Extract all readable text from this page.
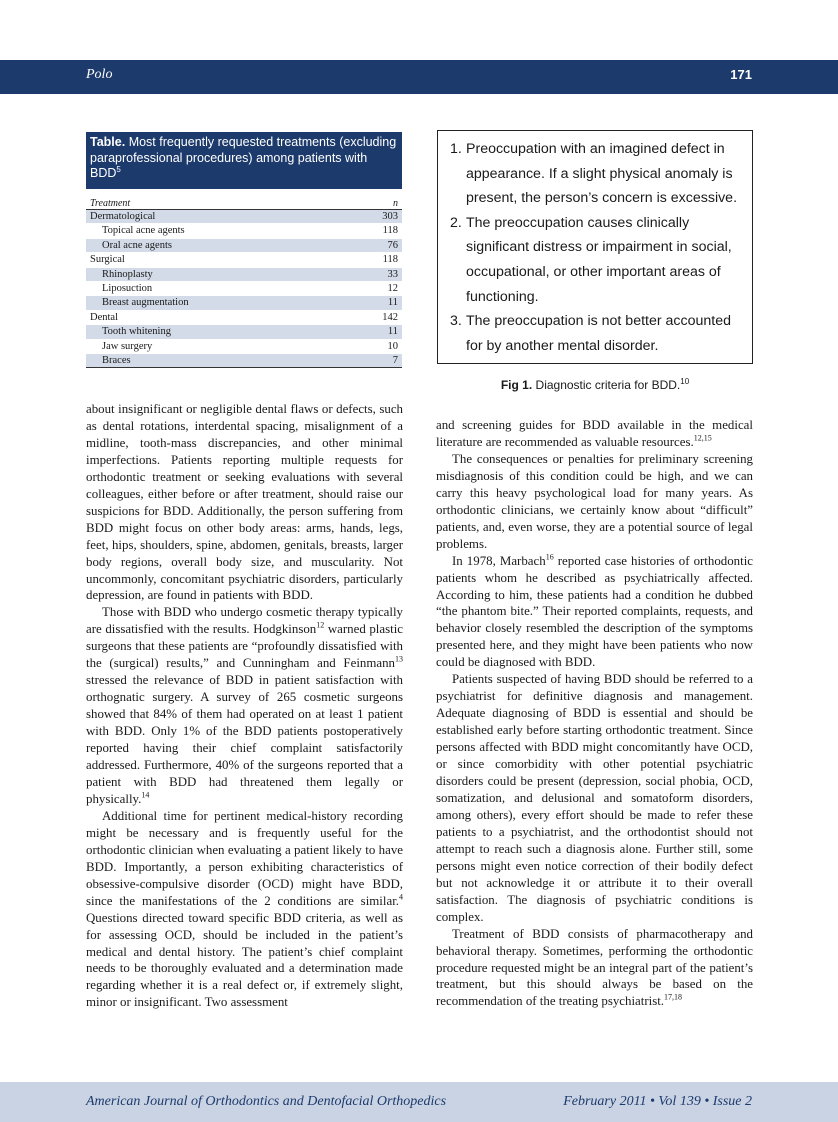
Polo	171
Table. Most frequently requested treatments (excluding paraprofessional procedures) among patients with BDD$^5$
Treatment	n
Dermatological	303
Topical acne agents	118
Oral acne agents	76
Surgical	118
Rhinoplasty	33
Liposuction	12
Breast augmentation	11
Dental	142
Tooth whitening	11
Jaw surgery	10
Braces	7
1. Preoccupation with an imagined defect in appearance. If a slight physical anomaly is present, the person’s concern is excessive.
2. The preoccupation causes clinically significant distress or impairment in social, occupational, or other important areas of functioning.
3. The preoccupation is not better accounted for by another mental disorder.
Fig 1. Diagnostic criteria for BDD.$^{10}$

about insignificant or negligible dental flaws or defects, such as dental rotations, interdental spacing, misalignment of a midline, tooth-mass discrepancies, and other minimal imperfections. Patients reporting multiple requests for orthodontic treatment or seeking evaluations with several colleagues, either before or after treatment, should raise our suspicions for BDD. Additionally, the person suffering from BDD might focus on other body areas: arms, hands, legs, feet, hips, shoulders, spine, abdomen, genitals, breasts, larger body regions, overall body size, and muscularity. Not uncommonly, concomitant psychiatric disorders, particularly depression, are found in patients with BDD.

Those with BDD who undergo cosmetic therapy typically are dissatisfied with the results. Hodgkinson$^{12}$ warned plastic surgeons that these patients are “profoundly dissatisfied with the (surgical) results,” and Cunningham and Feinmann$^{13}$ stressed the relevance of BDD in patient satisfaction with orthognatic surgery. A survey of 265 cosmetic surgeons showed that 84% of them had operated on at least 1 patient with BDD. Only 1% of the BDD patients postoperatively reported having their chief complaint satisfactorily addressed. Furthermore, 40% of the surgeons reported that a patient with BDD had threatened them legally or physically.$^{14}$

Additional time for pertinent medical-history recording might be necessary and is frequently useful for the orthodontic clinician when evaluating a patient likely to have BDD. Importantly, a person exhibiting characteristics of obsessive-compulsive disorder (OCD) might have BDD, since the manifestations of the 2 conditions are similar.$^4$ Questions directed toward specific BDD criteria, as well as for assessing OCD, should be included in the patient’s medical and dental history. The patient’s chief complaint needs to be thoroughly evaluated and a determination made regarding whether it is a real defect or, if extremely slight, minor or insignificant. Two assessment

and screening guides for BDD available in the medical literature are recommended as valuable resources.$^{12,15}$

The consequences or penalties for preliminary screening misdiagnosis of this condition could be high, and we can carry this heavy psychological load for many years. As orthodontic clinicians, we certainly know about “difficult” patients, and, even worse, they are a potential source of legal problems.

In 1978, Marbach$^{16}$ reported case histories of orthodontic patients whom he described as psychiatrically affected. According to him, these patients had a condition he dubbed “the phantom bite.” Their reported complaints, requests, and behavior closely resembled the description of the symptoms presented here, and they might have been patients who now could be diagnosed with BDD.

Patients suspected of having BDD should be referred to a psychiatrist for definitive diagnosis and management. Adequate diagnosing of BDD is essential and should be established early before starting orthodontic treatment. Since persons affected with BDD might concomitantly have OCD, or since comorbidity with other potential psychiatric disorders could be present (depression, social phobia, OCD, somatization, and delusional and somatoform disorders, among others), every effort should be made to refer these patients to a psychiatrist, and the orthodontist should not attempt to reach such a diagnosis alone. Further still, some persons might even notice correction of their bodily defect but not acknowledge it or attribute it to their overall satisfaction. The diagnosis of psychiatric conditions is complex.

Treatment of BDD consists of pharmacotherapy and behavioral therapy. Sometimes, performing the orthodontic procedure requested might be an integral part of the patient’s treatment, but this should always be based on the recommendation of the treating psychiatrist.$^{17,18}$

American Journal of Orthodontics and Dentofacial Orthopedics	February 2011 • Vol 139 • Issue 2
